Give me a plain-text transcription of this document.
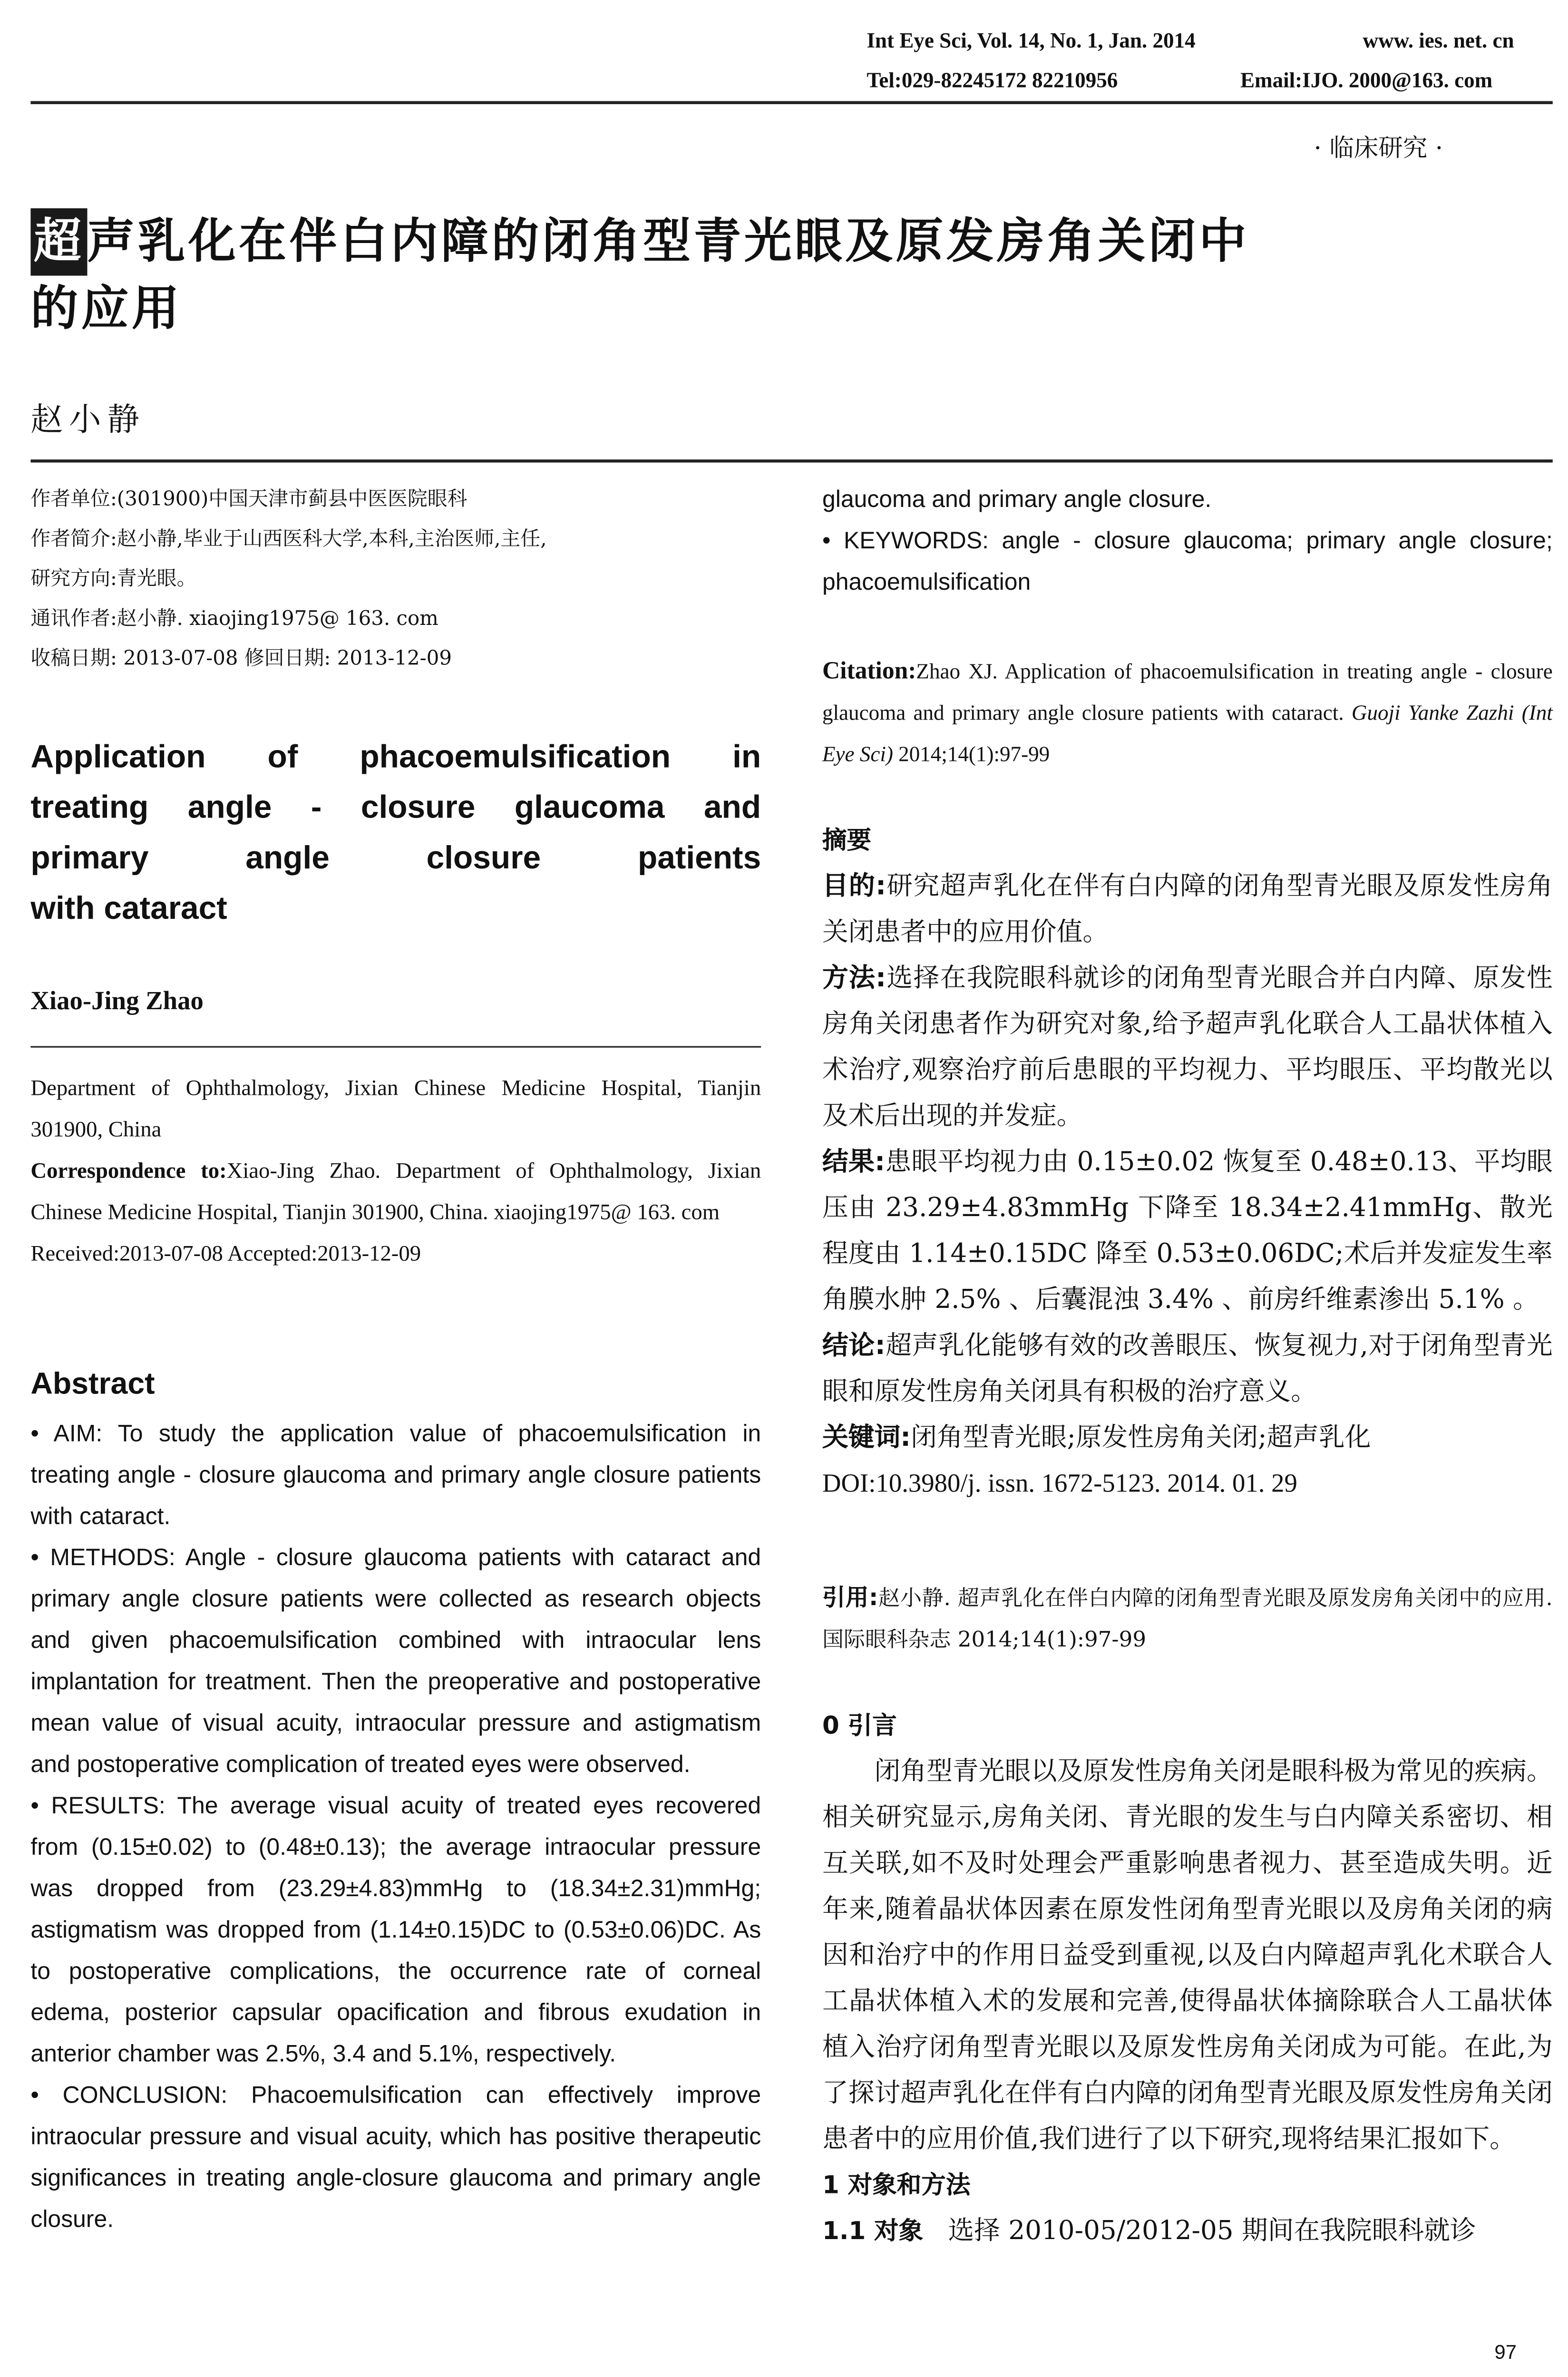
Int Eye Sci, Vol. 14, No. 1, Jan. 2014	www. ies. net. cn
Tel:029-82245172 82210956	Email:IJO. 2000@163. com
· 临床研究 ·
超 声乳化在伴白内障的闭角型青光眼及原发房角关闭中
的应用
赵小静
作者单位:(301900)中国天津市蓟县中医医院眼科
作者简介:赵小静,毕业于山西医科大学,本科,主治医师,主任,
研究方向:青光眼。
通讯作者:赵小静. xiaojing1975@ 163. com
收稿日期: 2013-07-08 修回日期: 2013-12-09
Application of phacoemulsification in
treating angle - closure glaucoma and
primary angle closure patients
with cataract
Xiao-Jing Zhao
Department of Ophthalmology, Jixian Chinese Medicine Hospital, Tianjin 301900, China
Correspondence to:Xiao-Jing Zhao. Department of Ophthalmology, Jixian Chinese Medicine Hospital, Tianjin 301900, China. xiaojing1975@ 163. com
Received:2013-07-08 Accepted:2013-12-09
Abstract

• AIM: To study the application value of phacoemulsification in treating angle - closure glaucoma and primary angle closure patients with cataract.

• METHODS: Angle - closure glaucoma patients with cataract and primary angle closure patients were collected as research objects and given phacoemulsification combined with intraocular lens implantation for treatment. Then the preoperative and postoperative mean value of visual acuity, intraocular pressure and astigmatism and postoperative complication of treated eyes were observed.

• RESULTS: The average visual acuity of treated eyes recovered from (0.15±0.02) to (0.48±0.13); the average intraocular pressure was dropped from (23.29±4.83)mmHg to (18.34±2.31)mmHg; astigmatism was dropped from (1.14±0.15)DC to (0.53±0.06)DC. As to postoperative complications, the occurrence rate of corneal edema, posterior capsular opacification and fibrous exudation in anterior chamber was 2.5%, 3.4 and 5.1%, respectively.

• CONCLUSION: Phacoemulsification can effectively improve intraocular pressure and visual acuity, which has positive therapeutic significances in treating angle-closure glaucoma and primary angle closure.

glaucoma and primary angle closure.

• KEYWORDS: angle - closure glaucoma; primary angle closure; phacoemulsification

Citation:Zhao XJ. Application of phacoemulsification in treating angle - closure glaucoma and primary angle closure patients with cataract. Guoji Yanke Zazhi (Int Eye Sci) 2014;14(1):97-99

摘要

目的:研究超声乳化在伴有白内障的闭角型青光眼及原发性房角关闭患者中的应用价值。

方法:选择在我院眼科就诊的闭角型青光眼合并白内障、原发性房角关闭患者作为研究对象,给予超声乳化联合人工晶状体植入术治疗,观察治疗前后患眼的平均视力、平均眼压、平均散光以及术后出现的并发症。

结果:患眼平均视力由 0.15±0.02 恢复至 0.48±0.13、平均眼压由 23.29±4.83mmHg 下降至 18.34±2.41mmHg、散光程度由 1.14±0.15DC 降至 0.53±0.06DC;术后并发症发生率角膜水肿 2.5% 、后囊混浊 3.4% 、前房纤维素渗出 5.1% 。

结论:超声乳化能够有效的改善眼压、恢复视力,对于闭角型青光眼和原发性房角关闭具有积极的治疗意义。

关键词:闭角型青光眼;原发性房角关闭;超声乳化

DOI:10.3980/j. issn. 1672-5123. 2014. 01. 29

引用:赵小静. 超声乳化在伴白内障的闭角型青光眼及原发房角关闭中的应用. 国际眼科杂志 2014;14(1):97-99

0 引言

闭角型青光眼以及原发性房角关闭是眼科极为常见的疾病。相关研究显示,房角关闭、青光眼的发生与白内障关系密切、相互关联,如不及时处理会严重影响患者视力、甚至造成失明。近年来,随着晶状体因素在原发性闭角型青光眼以及房角关闭的病因和治疗中的作用日益受到重视,以及白内障超声乳化术联合人工晶状体植入术的发展和完善,使得晶状体摘除联合人工晶状体植入治疗闭角型青光眼以及原发性房角关闭成为可能。在此,为了探讨超声乳化在伴有白内障的闭角型青光眼及原发性房角关闭患者中的应用价值,我们进行了以下研究,现将结果汇报如下。

1 对象和方法

1.1 对象	选择 2010-05/2012-05 期间在我院眼科就诊

97
